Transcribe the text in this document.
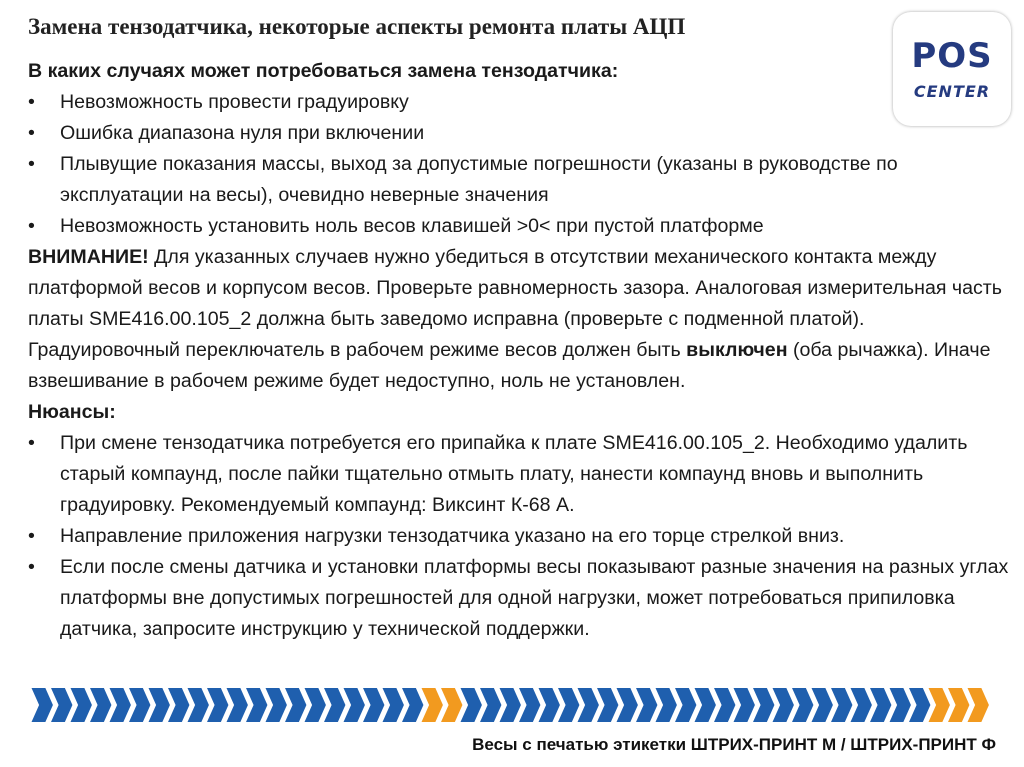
Замена тензодатчика, некоторые аспекты ремонта платы АЦП
POS
CENTER

В каких случаях может потребоваться замена тензодатчика:

• Невозможность провести градуировку
• Ошибка диапазона нуля при включении
• Плывущие показания массы, выход за допустимые погрешности (указаны в руководстве по эксплуатации на весы), очевидно неверные значения
• Невозможность установить ноль весов клавишей >0< при пустой платформе

ВНИМАНИЕ! Для указанных случаев нужно убедиться в отсутствии механического контакта между платформой весов и корпусом весов. Проверьте равномерность зазора. Аналоговая измерительная часть платы SME416.00.105_2 должна быть заведомо исправна (проверьте с подменной платой). Градуировочный переключатель в рабочем режиме весов должен быть выключен (оба рычажка). Иначе взвешивание в рабочем режиме будет недоступно, ноль не установлен.

Нюансы:

• При смене тензодатчика потребуется его припайка к плате SME416.00.105_2. Необходимо удалить старый компаунд, после пайки тщательно отмыть плату, нанести компаунд вновь и выполнить градуировку. Рекомендуемый компаунд: Виксинт К-68 А.
• Направление приложения нагрузки тензодатчика указано на его торце стрелкой вниз.
• Если после смены датчика и установки платформы весы показывают разные значения на разных углах платформы вне допустимых погрешностей для одной нагрузки, может потребоваться припиловка датчика, запросите инструкцию у технической поддержки.
Весы с печатью этикетки ШТРИХ-ПРИНТ М / ШТРИХ-ПРИНТ Ф
